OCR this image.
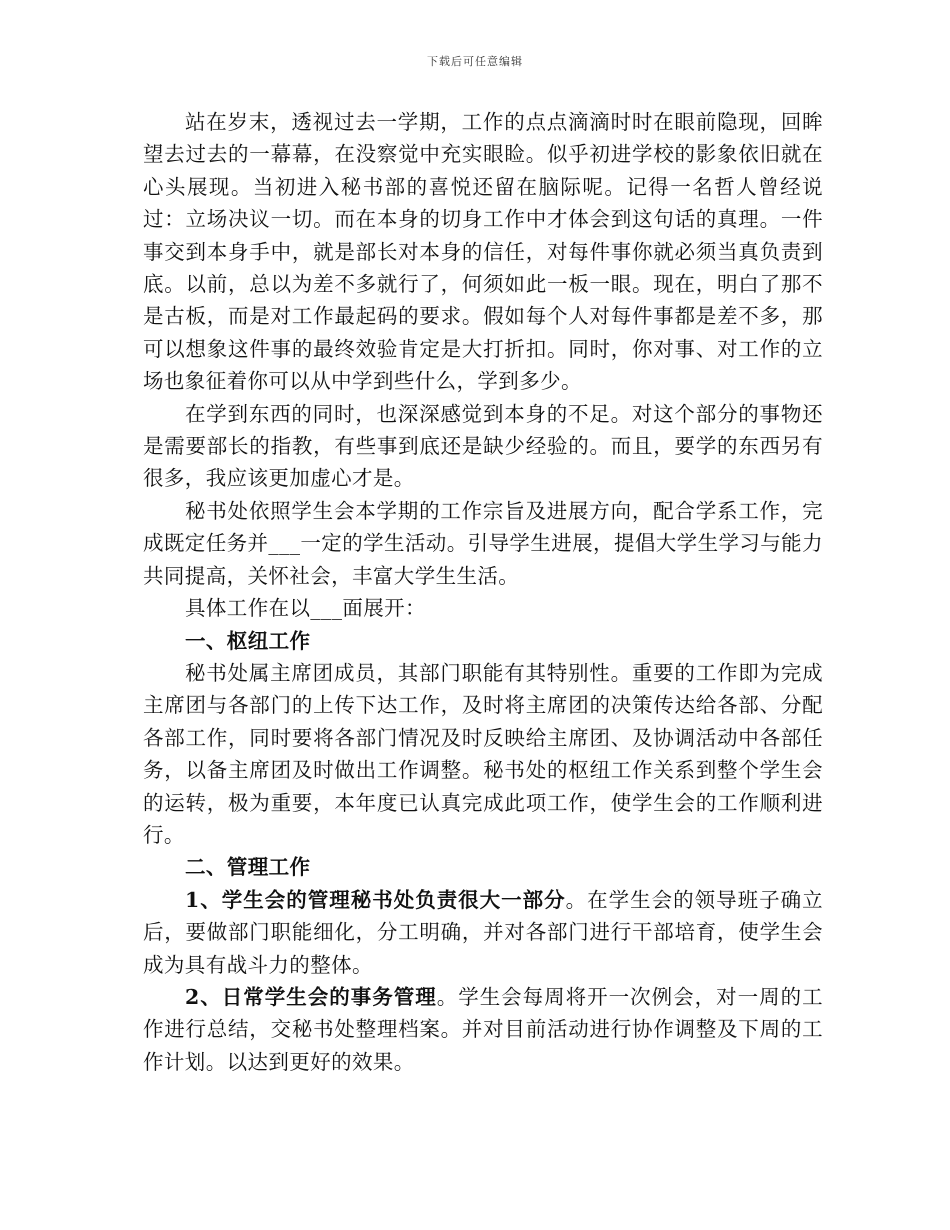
下载后可任意编辑

站在岁末，透视过去一学期，工作的点点滴滴时时在眼前隐现，回眸望去过去的一幕幕，在没察觉中充实眼睑。似乎初进学校的影象依旧就在心头展现。当初进入秘书部的喜悦还留在脑际呢。记得一名哲人曾经说过：立场决议一切。而在本身的切身工作中才体会到这句话的真理。一件事交到本身手中，就是部长对本身的信任，对每件事你就必须当真负责到底。以前，总以为差不多就行了，何须如此一板一眼。现在，明白了那不是古板，而是对工作最起码的要求。假如每个人对每件事都是差不多，那可以想象这件事的最终效验肯定是大打折扣。同时，你对事、对工作的立场也象征着你可以从中学到些什么，学到多少。

在学到东西的同时，也深深感觉到本身的不足。对这个部分的事物还是需要部长的指教，有些事到底还是缺少经验的。而且，要学的东西另有很多，我应该更加虚心才是。

秘书处依照学生会本学期的工作宗旨及进展方向，配合学系工作，完成既定任务并___一定的学生活动。引导学生进展，提倡大学生学习与能力共同提高，关怀社会，丰富大学生生活。

具体工作在以___面展开：

一、枢纽工作

秘书处属主席团成员，其部门职能有其特别性。重要的工作即为完成主席团与各部门的上传下达工作，及时将主席团的决策传达给各部、分配各部工作，同时要将各部门情况及时反映给主席团、及协调活动中各部任务，以备主席团及时做出工作调整。秘书处的枢纽工作关系到整个学生会的运转，极为重要，本年度已认真完成此项工作，使学生会的工作顺利进行。

二、管理工作

1、学生会的管理秘书处负责很大一部分。在学生会的领导班子确立后，要做部门职能细化，分工明确，并对各部门进行干部培育，使学生会成为具有战斗力的整体。

2、日常学生会的事务管理。学生会每周将开一次例会，对一周的工作进行总结，交秘书处整理档案。并对目前活动进行协作调整及下周的工作计划。以达到更好的效果。
